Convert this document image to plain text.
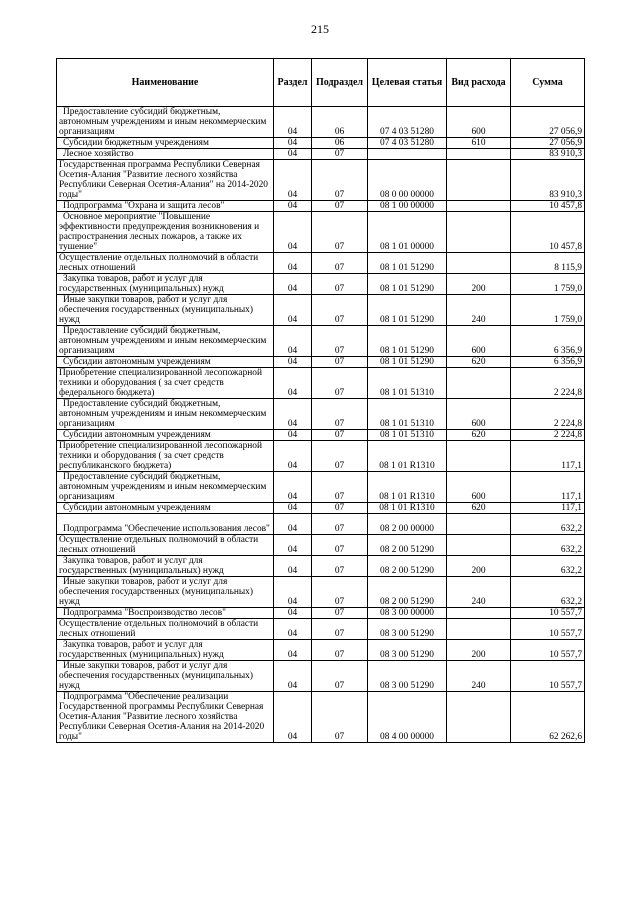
215
Наименование	Раздел	Подраздел	Целевая статья	Вид расхода	Сумма
Предоставление субсидий бюджетным, автономным учреждениям и иным некоммерческим организациям	04	06	07 4 03 51280	600	27 056,9
Субсидии бюджетным учреждениям	04	06	07 4 03 51280	610	27 056,9
Лесное хозяйство	04	07			83 910,3
Государственная программа Республики Северная Осетия-Алания "Развитие лесного хозяйства Республики Северная Осетия-Алания" на 2014-2020 годы"	04	07	08 0 00 00000		83 910,3
Подпрограмма "Охрана и защита лесов"	04	07	08 1 00 00000		10 457,8
Основное мероприятие "Повышение эффективности предупреждения возникновения и распространения лесных пожаров, а также их тушение"	04	07	08 1 01 00000		10 457,8
Осуществление отдельных полномочий в области лесных отношений	04	07	08 1 01 51290		8 115,9
Закупка товаров, работ и услуг для государственных (муниципальных) нужд	04	07	08 1 01 51290	200	1 759,0
Иные закупки товаров, работ и услуг для обеспечения государственных (муниципальных) нужд	04	07	08 1 01 51290	240	1 759,0
Предоставление субсидий бюджетным, автономным учреждениям и иным некоммерческим организациям	04	07	08 1 01 51290	600	6 356,9
Субсидии автономным учреждениям	04	07	08 1 01 51290	620	6 356,9
Приобретение специализированной лесопожарной техники и оборудования ( за счет средств федерального бюджета)	04	07	08 1 01 51310		2 224,8
Предоставление субсидий бюджетным, автономным учреждениям и иным некоммерческим организациям	04	07	08 1 01 51310	600	2 224,8
Субсидии автономным учреждениям	04	07	08 1 01 51310	620	2 224,8
Приобретение специализированной лесопожарной техники и оборудования ( за счет средств республиканского бюджета)	04	07	08 1 01 R1310		117,1
Предоставление субсидий бюджетным, автономным учреждениям и иным некоммерческим организациям	04	07	08 1 01 R1310	600	117,1
Субсидии автономным учреждениям	04	07	08 1 01 R1310	620	117,1
Подпрограмма "Обеспечение использования лесов"	04	07	08 2 00 00000		632,2
Осуществление отдельных полномочий в области лесных отношений	04	07	08 2 00 51290		632,2
Закупка товаров, работ и услуг для государственных (муниципальных) нужд	04	07	08 2 00 51290	200	632,2
Иные закупки товаров, работ и услуг для обеспечения государственных (муниципальных) нужд	04	07	08 2 00 51290	240	632,2
Подпрограмма "Воспроизводство лесов"	04	07	08 3 00 00000		10 557,7
Осуществление отдельных полномочий в области лесных отношений	04	07	08 3 00 51290		10 557,7
Закупка товаров, работ и услуг для государственных (муниципальных) нужд	04	07	08 3 00 51290	200	10 557,7
Иные закупки товаров, работ и услуг для обеспечения государственных (муниципальных) нужд	04	07	08 3 00 51290	240	10 557,7
Подпрограмма "Обеспечение реализации Государственной программы Республики Северная Осетия-Алания "Развитие лесного хозяйства Республики Северная Осетия-Алания на 2014-2020 годы"	04	07	08 4 00 00000		62 262,6
